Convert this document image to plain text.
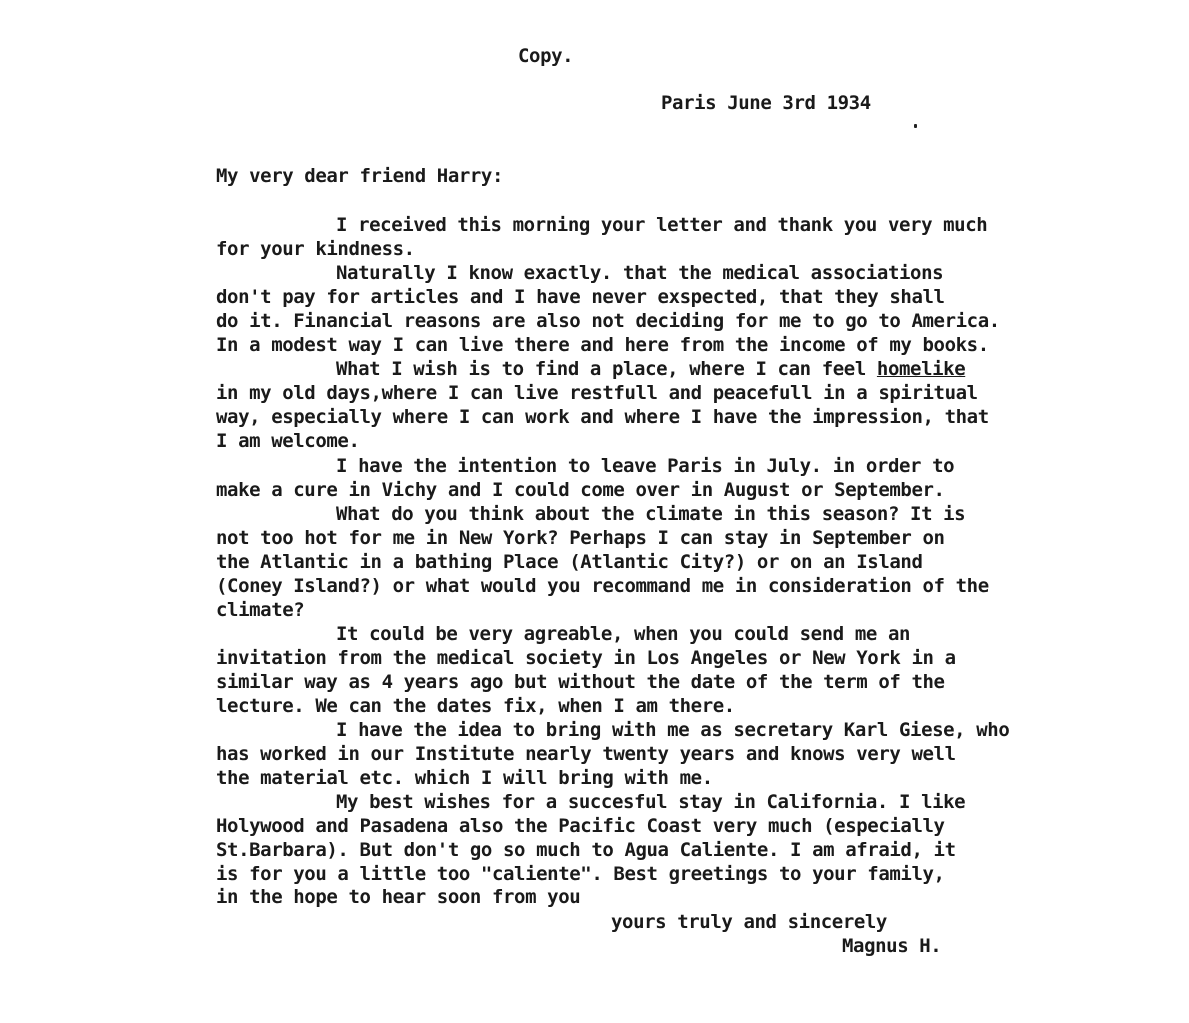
Copy.
Paris June 3rd 1934
My very dear friend Harry:
I received this morning your letter and thank you very much
for your kindness.
Naturally I know exactly. that the medical associations
don't pay for articles and I have never exspected, that they shall
do it. Financial reasons are also not deciding for me to go to America.
In a modest way I can live there and here from the income of my books.
What I wish is to find a place, where I can feel homelike
in my old days,where I can live restfull and peacefull in a spiritual
way, especially where I can work and where I have the impression, that
I am welcome.
I have the intention to leave Paris in July. in order to
make a cure in Vichy and I could come over in August or September.
What do you think about the climate in this season? It is
not too hot for me in New York? Perhaps I can stay in September on
the Atlantic in a bathing Place (Atlantic City?) or on an Island
(Coney Island?) or what would you recommand me in consideration of the
climate?
It could be very agreable, when you could send me an
invitation from the medical society in Los Angeles or New York in a
similar way as 4 years ago but without the date of the term of the
lecture. We can the dates fix, when I am there.
I have the idea to bring with me as secretary Karl Giese, who
has worked in our Institute nearly twenty years and knows very well
the material etc. which I will bring with me.
My best wishes for a succesful stay in California. I like
Holywood and Pasadena also the Pacific Coast very much (especially
St.Barbara). But don't go so much to Agua Caliente. I am afraid, it
is for you a little too "caliente". Best greetings to your family,
in the hope to hear soon from you
yours truly and sincerely
Magnus H.
